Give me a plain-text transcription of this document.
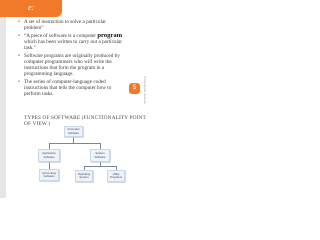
e:
• A set of instruction to solve a particular problem”
• “A piece of software is a computer program which has been written to carry out a particular task.”
• Software programs are originally produced by computer programmers who will write the instructions that form the program in a programming language.
• The series of computer-language coded instructions that tells the computer how to perform tasks.
5	IL Computer Science
TYPES OF SOFTWARE (FUNCTIONALITY POINT OF VIEW )
Computer Software
Application Software
System Software
Accounting Software
Operating System
Utility Programs
